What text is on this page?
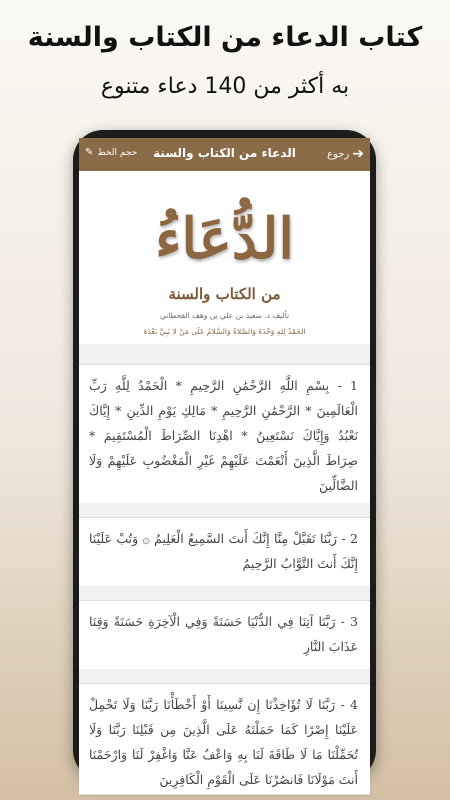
كتاب الدعاء من الكتاب والسنة
به أكثر من 140 دعاء متنوع
➔
رجوع
الدعاء من الكتاب والسنة
حجم الخط
✎
الدُّعَاءُ
من الكتاب والسنة
تأليف د. سعيد بن علي بن وهف القحطاني
الحَمْدُ لِلهِ وَحْدَهُ وَالصَّلاةُ وَالسَّلامُ عَلَى مَنْ لا نَبِيَّ بَعْدَهُ
1 - بِسْمِ اللَّهِ الرَّحْمَٰنِ الرَّحِيمِ * الْحَمْدُ لِلَّهِ رَبِّ الْعَالَمِينَ * الرَّحْمَٰنِ الرَّحِيمِ * مَالِكِ يَوْمِ الدِّينِ * إِيَّاكَ نَعْبُدُ وَإِيَّاكَ نَسْتَعِينُ * اهْدِنَا الصِّرَاطَ الْمُسْتَقِيمَ * صِرَاطَ الَّذِينَ أَنْعَمْتَ عَلَيْهِمْ غَيْرِ الْمَغْضُوبِ عَلَيْهِمْ وَلَا الضَّالِّينَ
2 - رَبَّنَا تَقَبَّلْ مِنَّا إِنَّكَ أَنتَ السَّمِيعُ الْعَلِيمُ ۞ وَتُبْ عَلَيْنَا إِنَّكَ أَنتَ التَّوَّابُ الرَّحِيمُ
3 - رَبَّنَا آتِنَا فِي الدُّنْيَا حَسَنَةً وَفِي الْآخِرَةِ حَسَنَةً وَقِنَا عَذَابَ النَّارِ
4 - رَبَّنَا لَا تُؤَاخِذْنَا إِن نَّسِينَا أَوْ أَخْطَأْنَا رَبَّنَا وَلَا تَحْمِلْ عَلَيْنَا إِصْرًا كَمَا حَمَلْتَهُ عَلَى الَّذِينَ مِن قَبْلِنَا رَبَّنَا وَلَا تُحَمِّلْنَا مَا لَا طَاقَةَ لَنَا بِهِ وَاعْفُ عَنَّا وَاغْفِرْ لَنَا وَارْحَمْنَا أَنتَ مَوْلَانَا فَانصُرْنَا عَلَى الْقَوْمِ الْكَافِرِينَ
